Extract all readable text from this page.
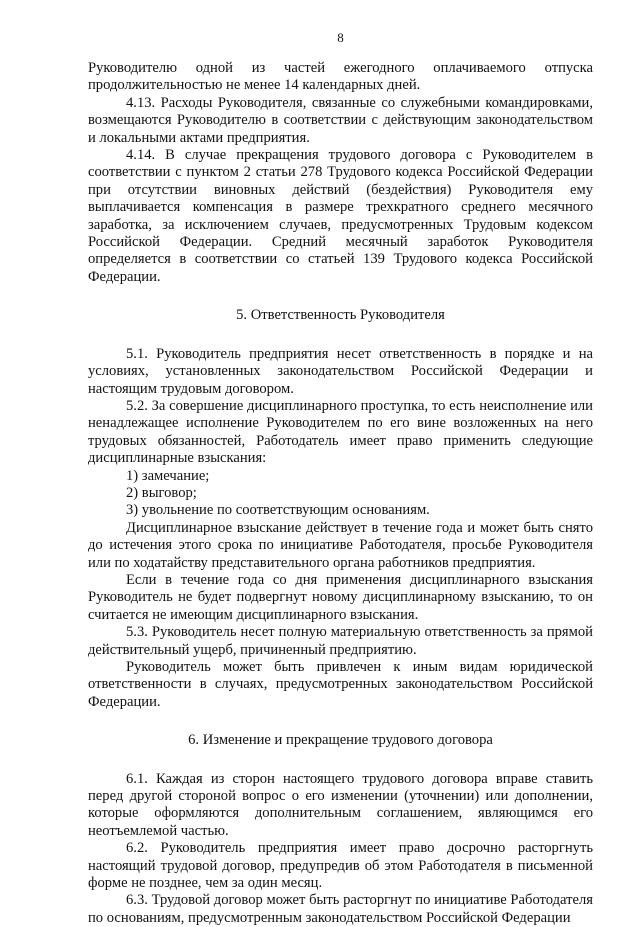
8

Руководителю одной из частей ежегодного оплачиваемого отпуска продолжительностью не менее 14 календарных дней.

4.13. Расходы Руководителя, связанные со служебными командировками, возмещаются Руководителю в соответствии с действующим законодательством и локальными актами предприятия.

4.14. В случае прекращения трудового договора с Руководителем в соответствии с пунктом 2 статьи 278 Трудового кодекса Российской Федерации при отсутствии виновных действий (бездействия) Руководителя ему выплачивается компенсация в размере трехкратного среднего месячного заработка, за исключением случаев, предусмотренных Трудовым кодексом Российской Федерации. Средний месячный заработок Руководителя определяется в соответствии со статьей 139 Трудового кодекса Российской Федерации.

5. Ответственность Руководителя

5.1. Руководитель предприятия несет ответственность в порядке и на условиях, установленных законодательством Российской Федерации и настоящим трудовым договором.

5.2. За совершение дисциплинарного проступка, то есть неисполнение или ненадлежащее исполнение Руководителем по его вине возложенных на него трудовых обязанностей, Работодатель имеет право применить следующие дисциплинарные взыскания:

1) замечание;

2) выговор;

3) увольнение по соответствующим основаниям.

Дисциплинарное взыскание действует в течение года и может быть снято до истечения этого срока по инициативе Работодателя, просьбе Руководителя или по ходатайству представительного органа работников предприятия.

Если в течение года со дня применения дисциплинарного взыскания Руководитель не будет подвергнут новому дисциплинарному взысканию, то он считается не имеющим дисциплинарного взыскания.

5.3. Руководитель несет полную материальную ответственность за прямой действительный ущерб, причиненный предприятию.

Руководитель может быть привлечен к иным видам юридической ответственности в случаях, предусмотренных законодательством Российской Федерации.

6. Изменение и прекращение трудового договора

6.1. Каждая из сторон настоящего трудового договора вправе ставить перед другой стороной вопрос о его изменении (уточнении) или дополнении, которые оформляются дополнительным соглашением, являющимся его неотъемлемой частью.

6.2. Руководитель предприятия имеет право досрочно расторгнуть настоящий трудовой договор, предупредив об этом Работодателя в письменной форме не позднее, чем за один месяц.

6.3. Трудовой договор может быть расторгнут по инициативе Работодателя по основаниям, предусмотренным законодательством Российской Федерации
